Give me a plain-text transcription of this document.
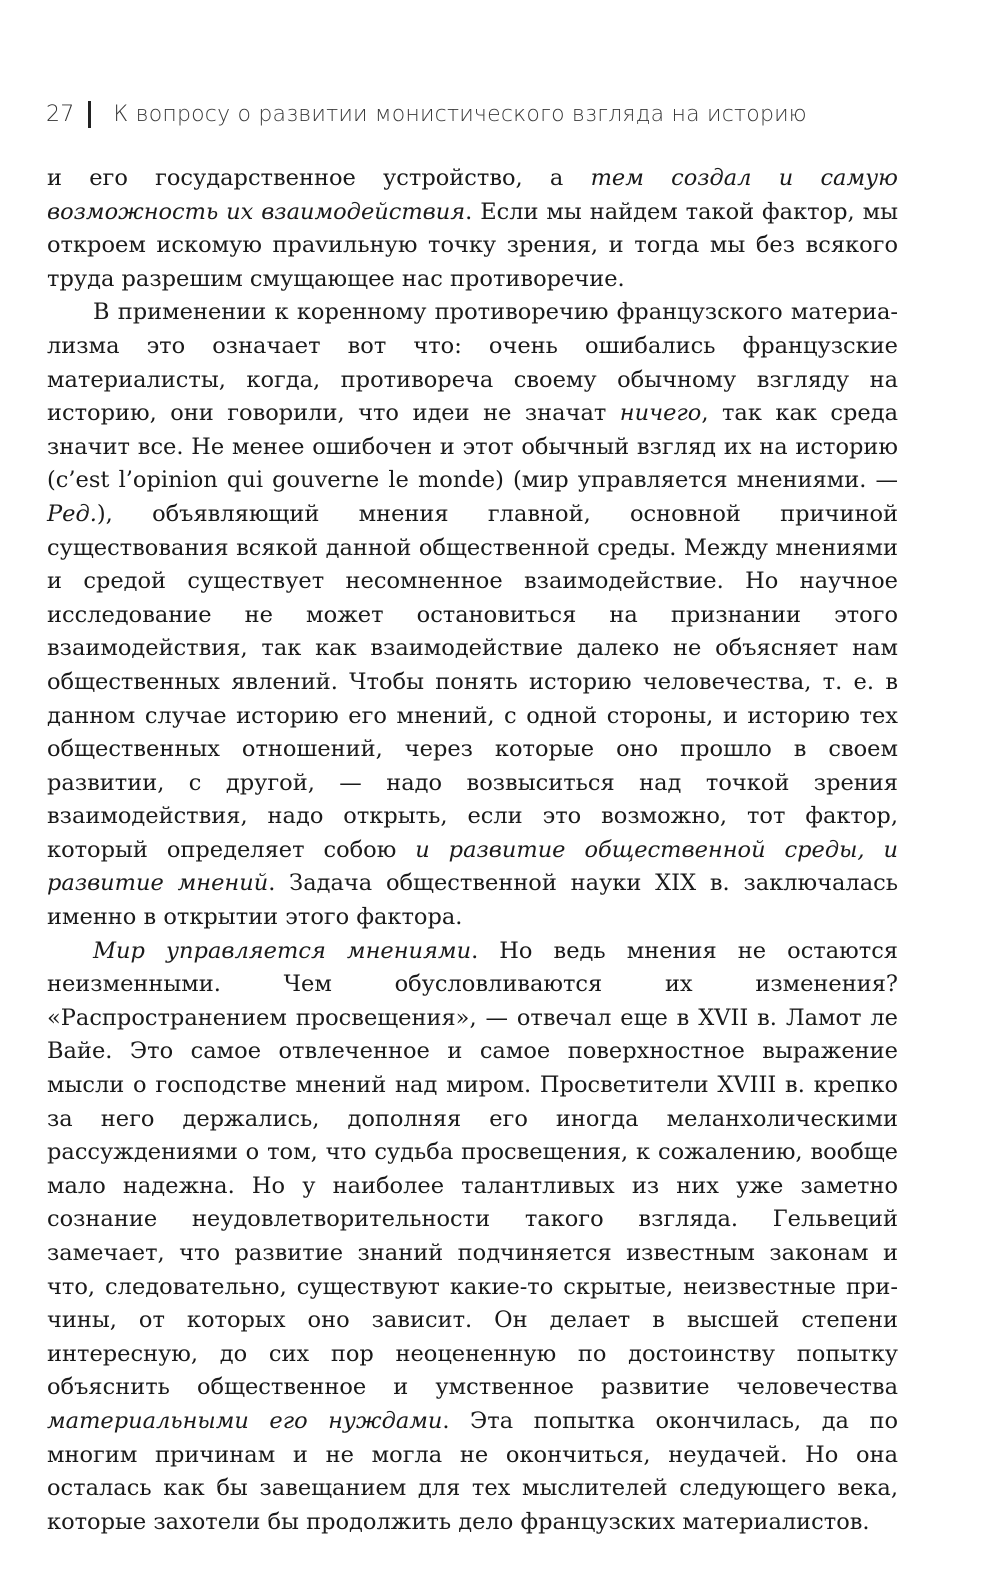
27 К вопросу о развитии монистического взгляда на историю

и его государственное устройство, а тем создал и самую возможность их взаимодействия. Если мы найдем такой фактор, мы откроем искомую праvильную точку зрения, и тогда мы без всякого труда разрешим смущающее нас противоречие.

В применении к коренному противоречию французского материализма это означает вот что: очень ошибались французские материалисты, когда, противореча своему обычному взгляду на историю, они говорили, что идеи не значат ничего, так как среда значит все. Не менее ошибочен и этот обычный взгляд их на историю (c’est l’opinion qui gouverne le monde) (мир управляется мнениями. — Ред.), объявляющий мнения главной, основной причиной существования всякой данной общественной среды. Между мнениями и средой существует несомненное взаимодействие. Но научное исследование не может остановиться на признании этого взаимодействия, так как взаимодействие далеко не объясняет нам общественных явлений. Чтобы понять историю человечества, т. е. в данном случае историю его мнений, с одной стороны, и историю тех общественных отношений, через которые оно прошло в своем развитии, с другой, — надо возвыситься над точкой зрения взаимодействия, надо открыть, если это возможно, тот фактор, который определяет собою и развитие общественной среды, и развитие мнений. Задача общественной науки XIX в. заключалась именно в открытии этого фактора.

Мир управляется мнениями. Но ведь мнения не остаются неизменными. Чем обусловливаются их изменения? «Распространением просвещения», — отвечал еще в XVII в. Ламот ле Вайе. Это самое отвлеченное и самое поверхностное выражение мысли о господстве мнений над миром. Просветители XVIII в. крепко за него держались, дополняя его иногда меланхолическими рассуждениями о том, что судьба просвещения, к сожалению, вообще мало надежна. Но у наиболее талантливых из них уже заметно сознание неудовлетворительности такого взгляда. Гельвеций замечает, что развитие знаний подчиняется известным законам и что, следовательно, существуют какие-то скрытые, неизвестные причины, от которых оно зависит. Он делает в высшей степени интересную, до сих пор неоцененную по достоинству попытку объяснить общественное и умственное развитие человечества материальными его нуждами. Эта попытка окончилась, да по многим причинам и не могла не окончиться, неудачей. Но она осталась как бы завещанием для тех мыслителей следующего века, которые захотели бы продолжить дело французских материалистов.
